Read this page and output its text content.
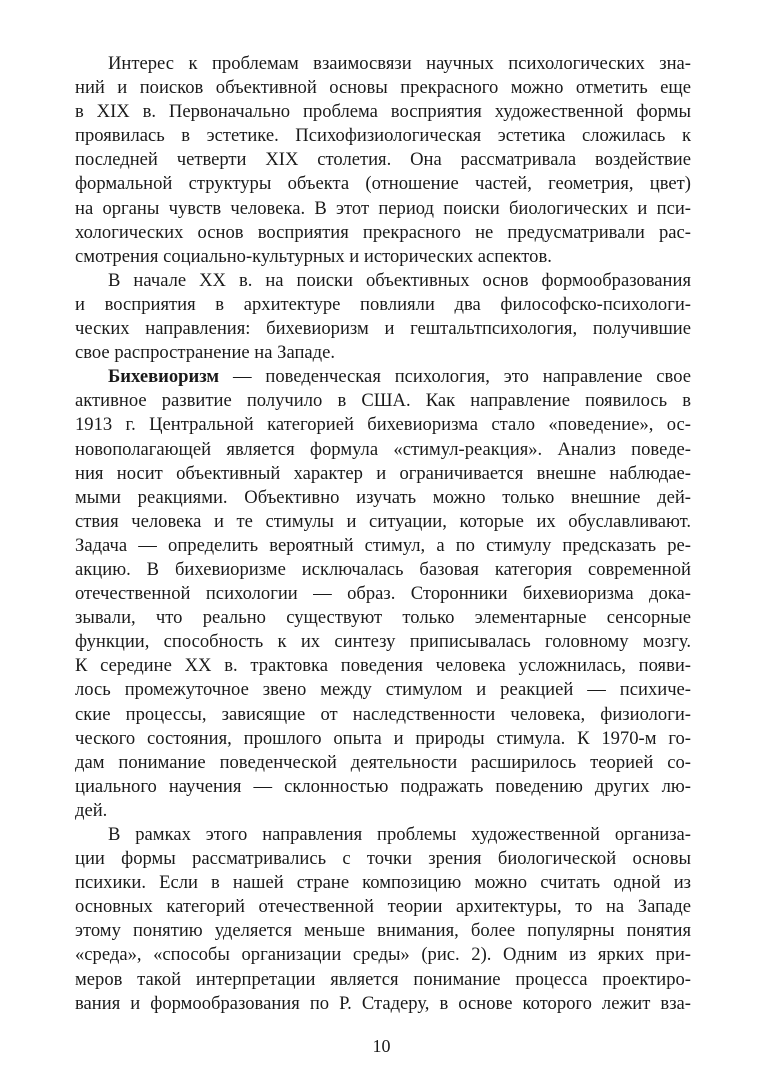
Интерес к проблемам взаимосвязи научных психологических зна-
ний и поисков объективной основы прекрасного можно отметить еще
в XIX в. Первоначально проблема восприятия художественной формы
проявилась в эстетике. Психофизиологическая эстетика сложилась к
последней четверти XIX столетия. Она рассматривала воздействие
формальной структуры объекта (отношение частей, геометрия, цвет)
на органы чувств человека. В этот период поиски биологических и пси-
хологических основ восприятия прекрасного не предусматривали рас-
смотрения социально-культурных и исторических аспектов.
В начале XX в. на поиски объективных основ формообразования
и восприятия в архитектуре повлияли два философско-психологи-
ческих направления: бихевиоризм и гештальтпсихология, получившие
свое распространение на Западе.
Бихевиоризм — поведенческая психология, это направление свое
активное развитие получило в США. Как направление появилось в
1913 г. Центральной категорией бихевиоризма стало «поведение», ос-
новополагающей является формула «стимул-реакция». Анализ поведе-
ния носит объективный характер и ограничивается внешне наблюдае-
мыми реакциями. Объективно изучать можно только внешние дей-
ствия человека и те стимулы и ситуации, которые их обуславливают.
Задача — определить вероятный стимул, а по стимулу предсказать ре-
акцию. В бихевиоризме исключалась базовая категория современной
отечественной психологии — образ. Сторонники бихевиоризма дока-
зывали, что реально существуют только элементарные сенсорные
функции, способность к их синтезу приписывалась головному мозгу.
К середине XX в. трактовка поведения человека усложнилась, появи-
лось промежуточное звено между стимулом и реакцией — психиче-
ские процессы, зависящие от наследственности человека, физиологи-
ческого состояния, прошлого опыта и природы стимула. К 1970-м го-
дам понимание поведенческой деятельности расширилось теорией со-
циального научения — склонностью подражать поведению других лю-
дей.
В рамках этого направления проблемы художественной организа-
ции формы рассматривались с точки зрения биологической основы
психики. Если в нашей стране композицию можно считать одной из
основных категорий отечественной теории архитектуры, то на Западе
этому понятию уделяется меньше внимания, более популярны понятия
«среда», «способы организации среды» (рис. 2). Одним из ярких при-
меров такой интерпретации является понимание процесса проектиро-
вания и формообразования по Р. Стадеру, в основе которого лежит вза-
10
